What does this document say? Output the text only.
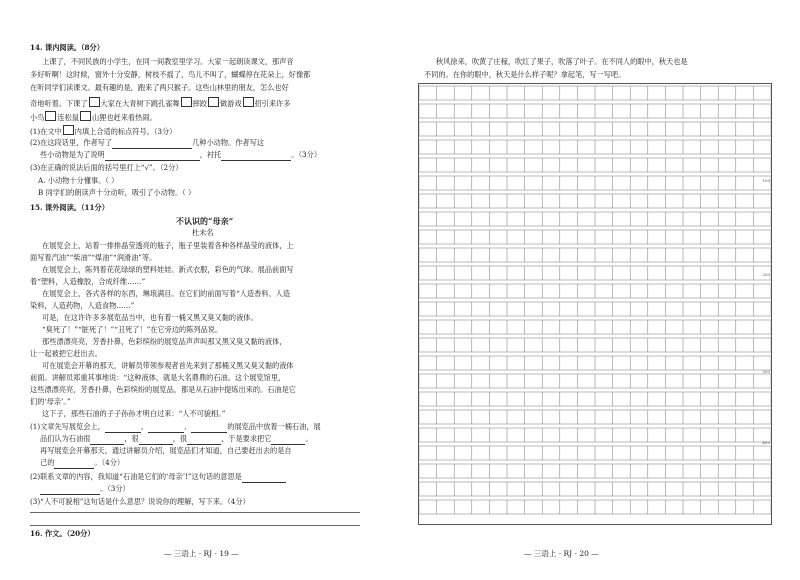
14. 课内阅读。（8分）
上课了，不同民族的小学生，在同一间教室里学习。大家一起朗读课文，那声音
多好听啊！这时候，窗外十分安静，树枝不摇了，鸟儿不叫了，蝴蝶停在花朵上，好像都
在听同学们读课文。最有趣的是，跑来了两只猴子。这些山林里的朋友，怎么也好
奇地听着。下课了 大家在大青树下跳孔雀舞 摔跤 做游戏 招引来许多
小鸟 连松鼠 山狸也赶来看热闹。
(1)在文中 内填上合适的标点符号。（3分）
(2)在这段话里，作者写了	几种小动物。作者写这
些小动物是为了说明	，衬托	。（3分）
(3)在正确的说法后面的括号里打上“√”。（2分）
A. 小动物十分懂事。（ ）
B 同学们的朗读声十分动听，吸引了小动物。（ ）
15. 课外阅读。（11分）
不认识的“母亲”
杜未名
在展览会上，站着一排排晶莹透亮的瓶子，瓶子里装着各种各样晶莹的液体，上
面写着汽油”“柴油”“煤油”“润滑油”等。
在展览会上，陈列着花花绿绿的塑料娃娃、新式衣服，彩色的气球。展品前面写
着“塑料，人造橡胶，合成纤维……”
在展览会上，各式各样的东西，琳琅满目。在它们的前面写着“人造香料、人造
染料，人造药物，人造食物……”
可是，在这许许多多展览品当中，也有着一桶又黑又臭又黏的液体。
“臭死了！”“脏死了！”“丑死了！”在它旁边的陈列品说。
那些漂漂亮亮，芳香扑鼻，色彩缤纷的展览品声声叫那又黑又臭又黏的液体，
让一起被把它赶出去。
可在展览会开幕的那天，讲解员带领参观者首先来到了那桶又黑又臭又黏的液体
前面。讲解员郑重其事地说：“这种液体，就是大名鼎鼎的石油。这个展览馆里，
这些漂漂亮亮，芳香扑鼻，色彩缤纷的展览品，都是从石油中提炼出来的。石油是它
们的‘母亲’。”
这下子，那些石油的子子孙孙才明白过来：“人不可貌相。”
(1)文章先写展览会上，	、	、	的展览品中放着一桶石油，展
品们认为石油很	，很	，很	，于是要求把它	。
再写展览会开幕那天，通过讲解员介绍，展览品们才知道，自己要赶出去的是自
己的	。（4分）
(2)联系文章的内容，我知道“石油是它们的‘母亲’!”这句话的意思是
。（3分）
(3)“人不可貌相”这句话是什么意思？说说你的理解，写下来。（4分）
16. 作文。（20分）
— 三语上 · RJ · 19 —
秋风徐来，吹黄了庄稼，吹红了果子，吹落了叶子。在不同人的眼中，秋天也是
不同的。在你的眼中，秋天是什么样子呢？拿起笔，写一写吧。
100
200
300
400
— 三语上 · RJ · 20 —
